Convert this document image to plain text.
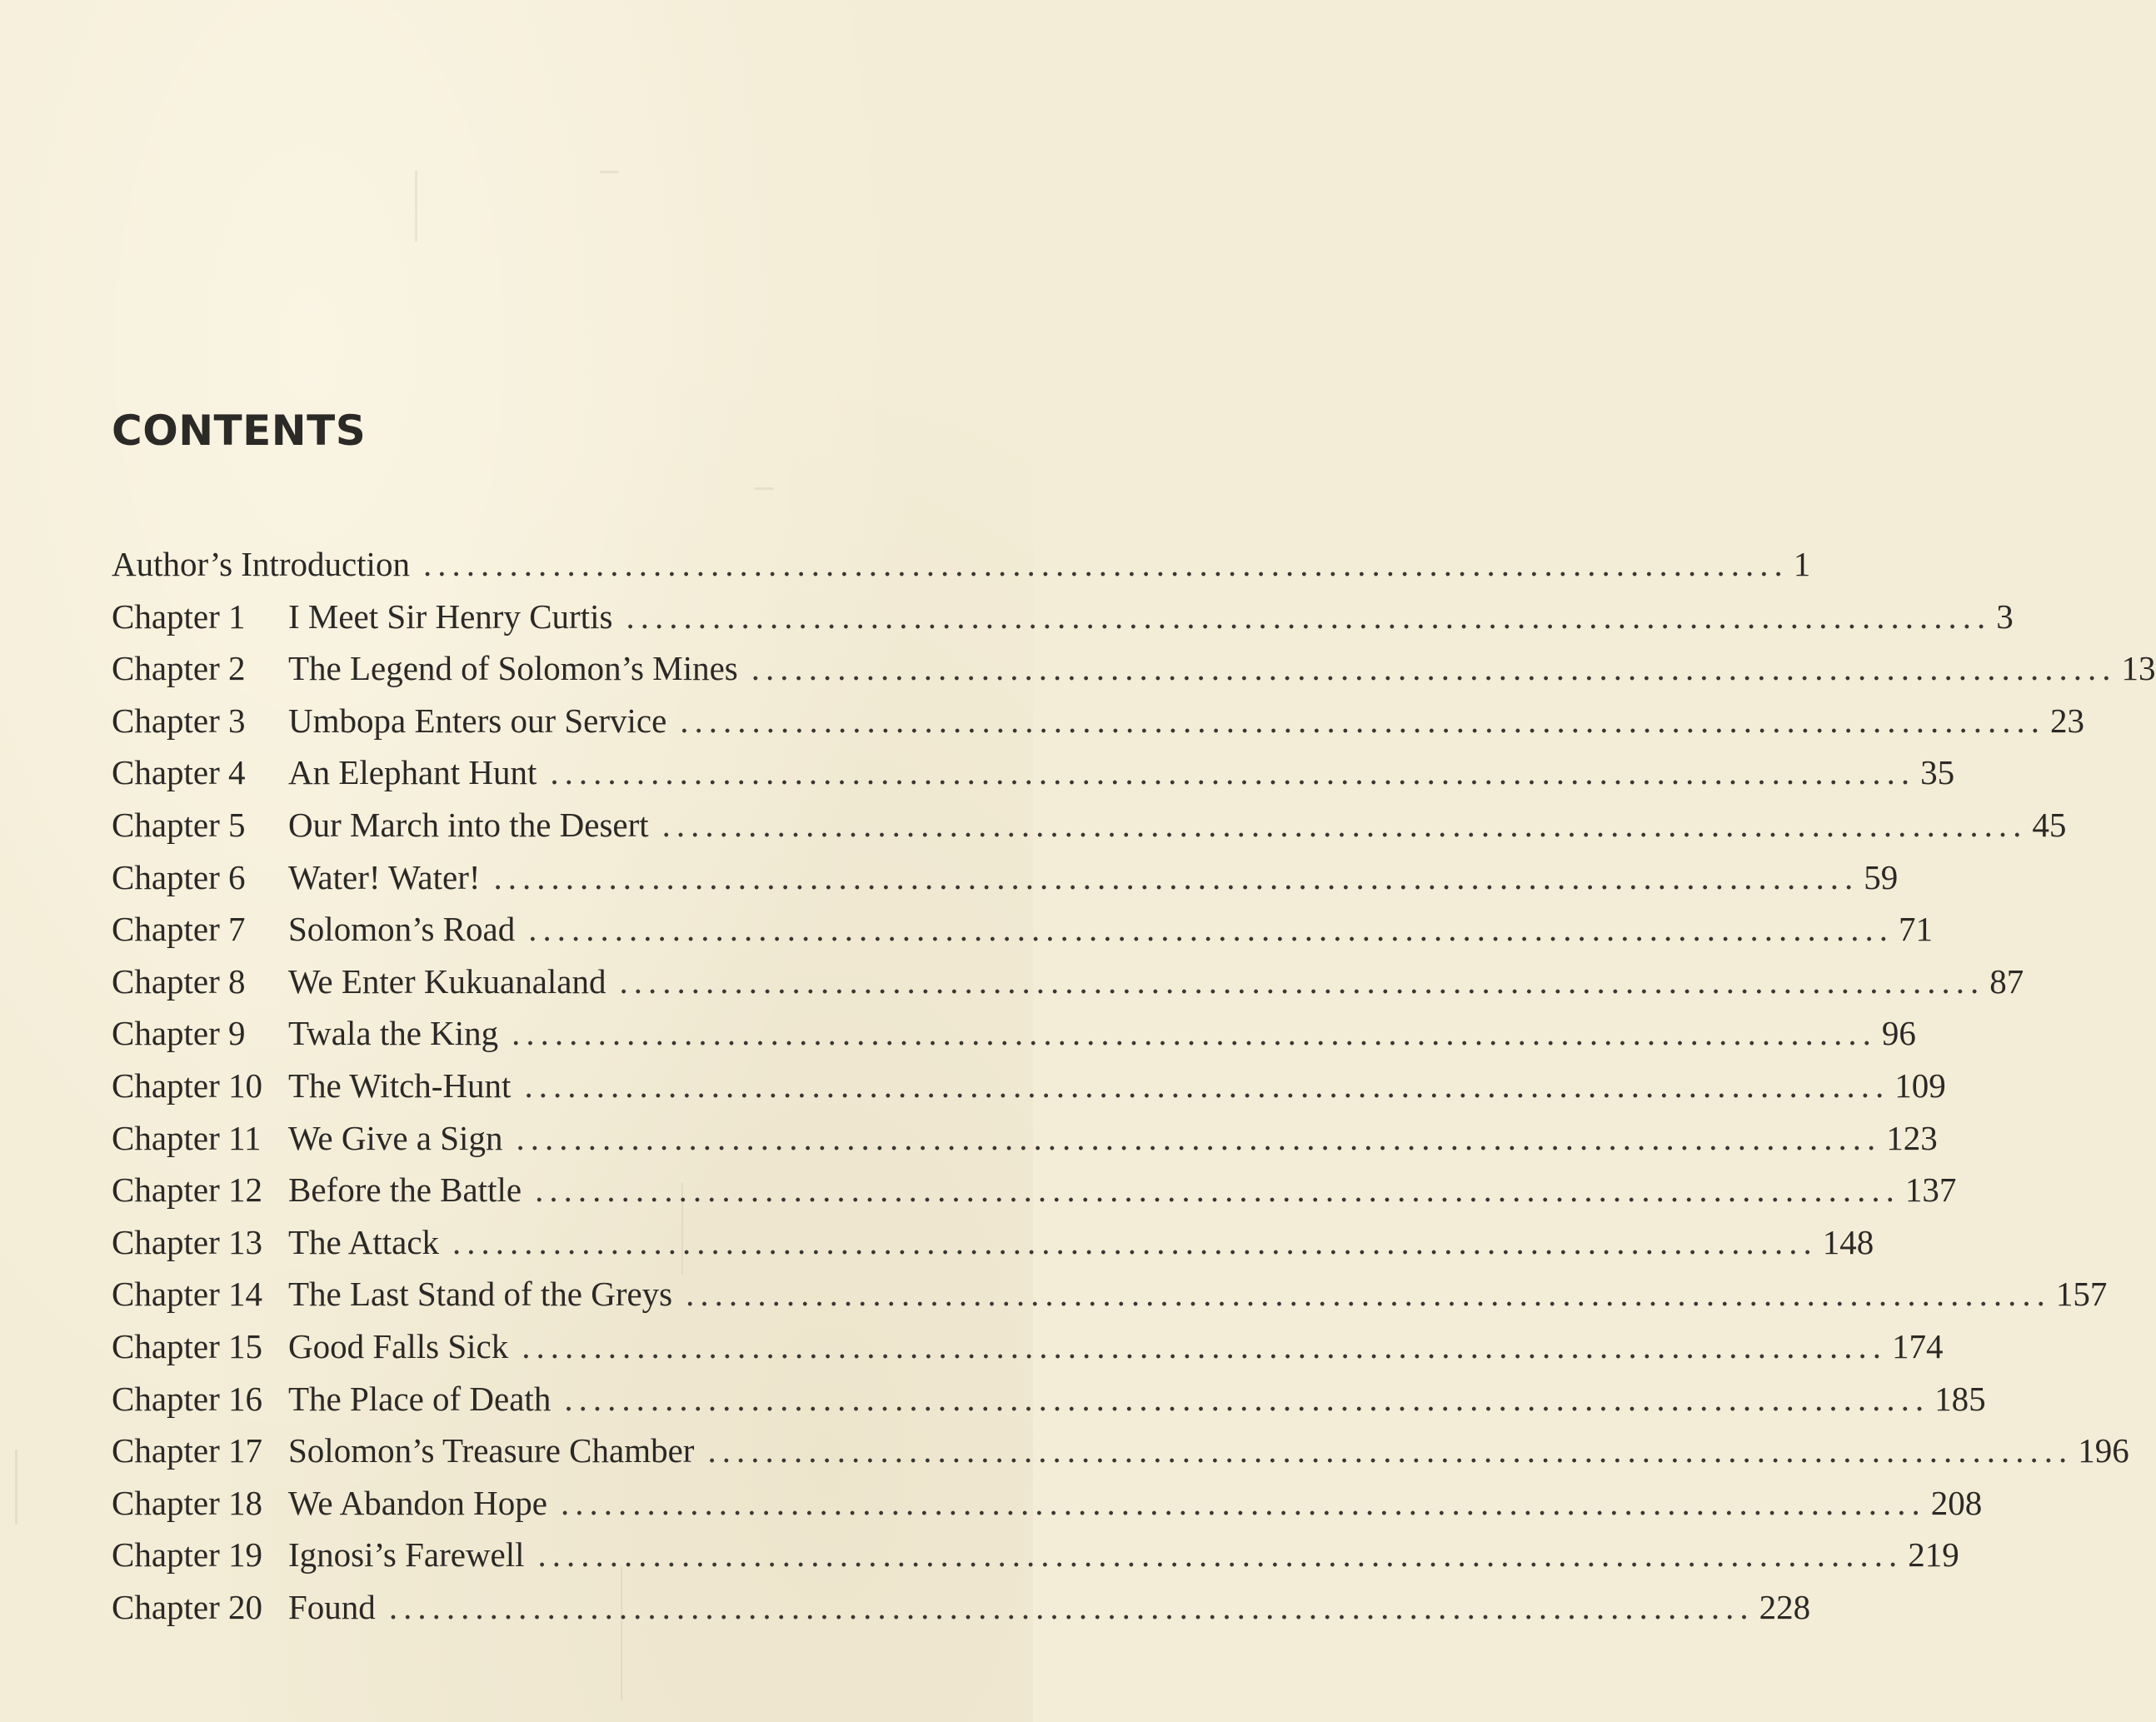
CONTENTS
Author’s Introduction ............................................................................................... 1
Chapter 1	I Meet Sir Henry Curtis ............................................................................................... 3
Chapter 2	The Legend of Solomon’s Mines ............................................................................................... 13
Chapter 3	Umbopa Enters our Service ............................................................................................... 23
Chapter 4	An Elephant Hunt ............................................................................................... 35
Chapter 5	Our March into the Desert ............................................................................................... 45
Chapter 6	Water! Water! ............................................................................................... 59
Chapter 7	Solomon’s Road ............................................................................................... 71
Chapter 8	We Enter Kukuanaland ............................................................................................... 87
Chapter 9	Twala the King ............................................................................................... 96
Chapter 10 The Witch-Hunt ............................................................................................... 109
Chapter 11 We Give a Sign ............................................................................................... 123
Chapter 12 Before the Battle ............................................................................................... 137
Chapter 13 The Attack ............................................................................................... 148
Chapter 14 The Last Stand of the Greys ............................................................................................... 157
Chapter 15 Good Falls Sick ............................................................................................... 174
Chapter 16 The Place of Death ............................................................................................... 185
Chapter 17 Solomon’s Treasure Chamber ............................................................................................... 196
Chapter 18 We Abandon Hope ............................................................................................... 208
Chapter 19 Ignosi’s Farewell ............................................................................................... 219
Chapter 20 Found ............................................................................................... 228
